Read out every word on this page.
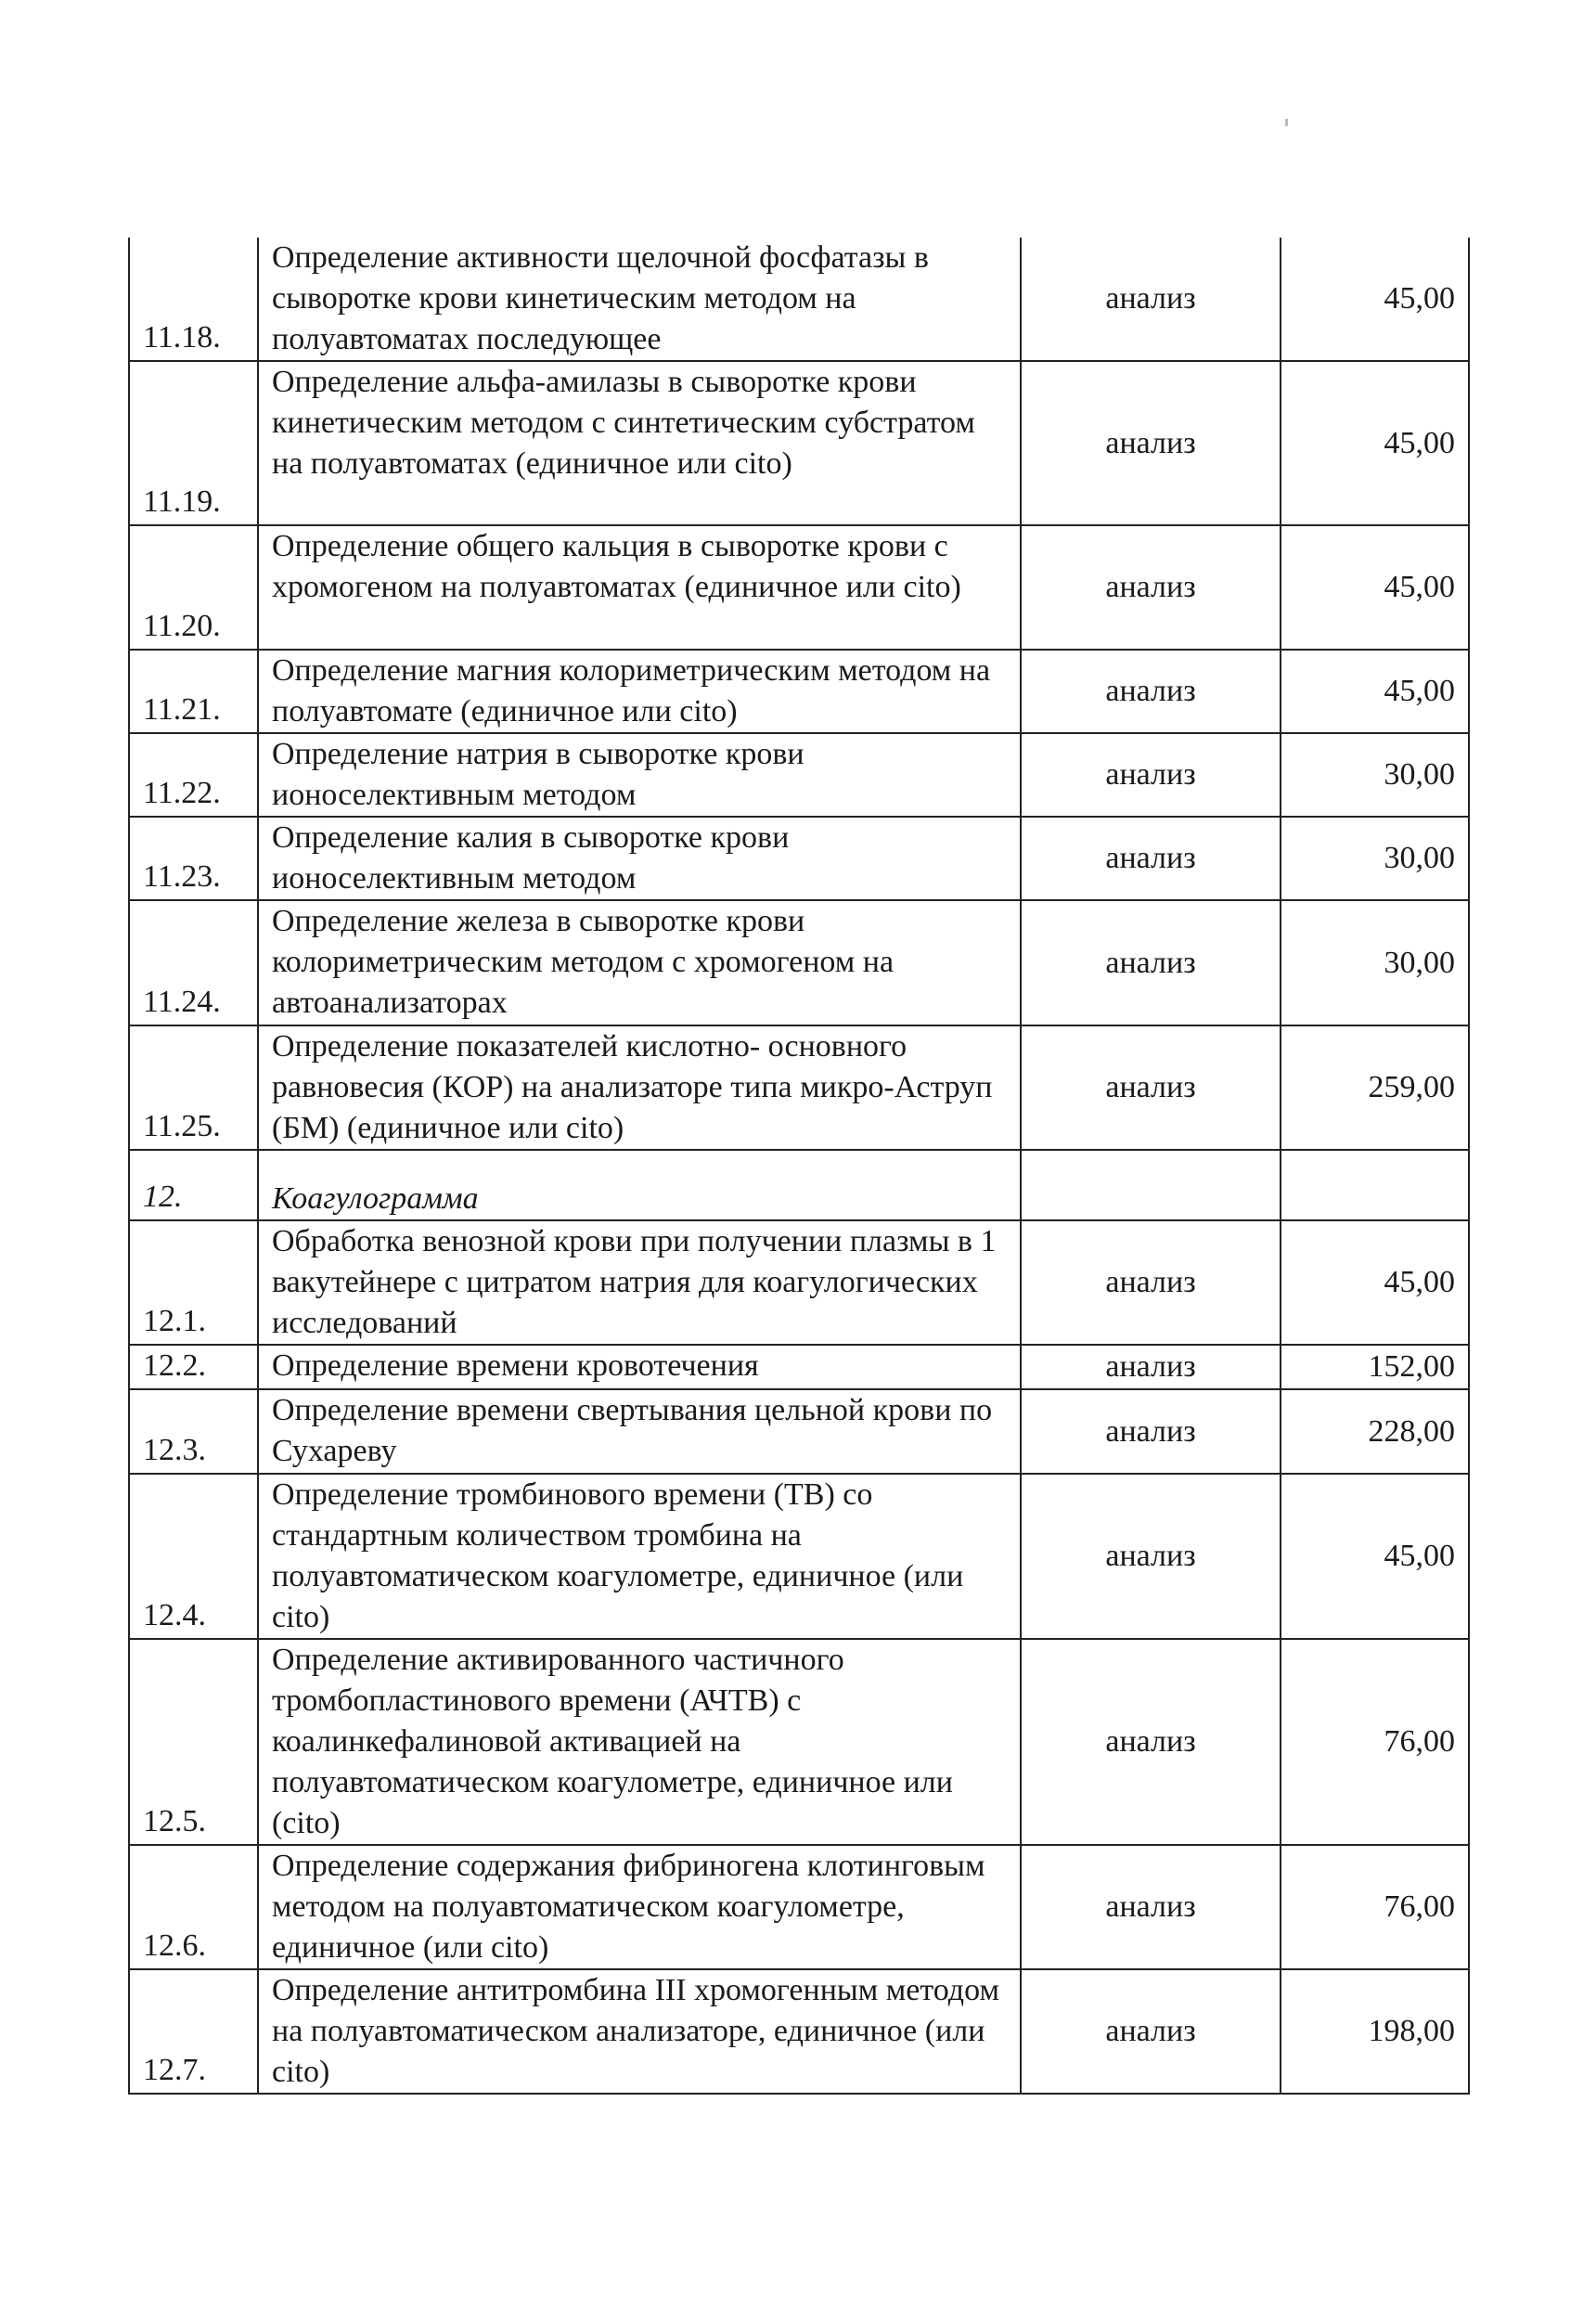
11.18.	Определение активности щелочной фосфатазы в сыворотке крови кинетическим методом на полуавтоматах последующее	анализ	45,00
11.19.	Определение альфа-амилазы в сыворотке крови кинетическим методом с синтетическим субстратом на полуавтоматах (единичное или cito)	анализ	45,00
11.20.	Определение общего кальция в сыворотке крови с хромогеном на полуавтоматах (единичное или cito)	анализ	45,00
11.21.	Определение магния колориметрическим методом на полуавтомате (единичное или cito)	анализ	45,00
11.22.	Определение натрия в сыворотке крови ионоселективным методом	анализ	30,00
11.23.	Определение калия в сыворотке крови ионоселективным методом	анализ	30,00
11.24.	Определение железа в сыворотке крови колориметрическим методом с хромогеном на автоанализаторах	анализ	30,00
11.25.	Определение показателей кислотно- основного равновесия (КОР) на анализаторе типа микро-Аструп (БМ) (единичное или cito)	анализ	259,00
12.	Коагулограмма		
12.1.	Обработка венозной крови при получении плазмы в 1 вакутейнере с цитратом натрия для коагулогических исследований	анализ	45,00
12.2.	Определение времени кровотечения	анализ	152,00
12.3.	Определение времени свертывания цельной крови по Сухареву	анализ	228,00
12.4.	Определение тромбинового времени (ТВ) со стандартным количеством тромбина на полуавтоматическом коагулометре, единичное (или cito)	анализ	45,00
12.5.	Определение активированного частичного тромбопластинового времени (АЧТВ) с коалинкефалиновой активацией на полуавтоматическом коагулометре, единичное или (cito)	анализ	76,00
12.6.	Определение содержания фибриногена клотинговым методом на полуавтоматическом коагулометре, единичное (или cito)	анализ	76,00
12.7.	Определение антитромбина III хромогенным методом на полуавтоматическом анализаторе, единичное (или cito)	анализ	198,00
